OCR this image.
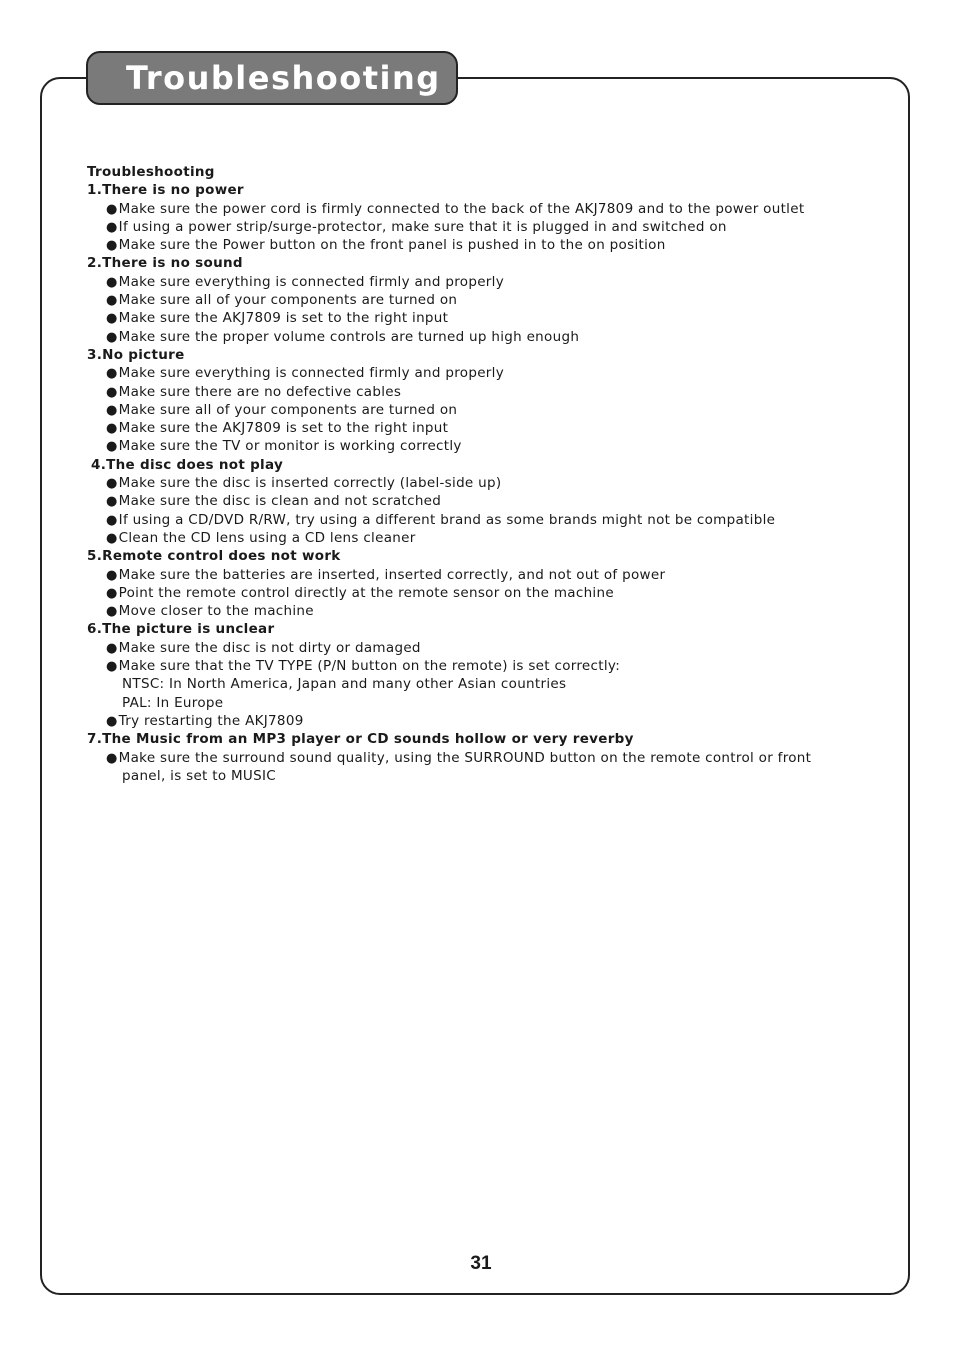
Troubleshooting
Troubleshooting
1.There is no power
●Make sure the power cord is firmly connected to the back of the AKJ7809 and to the power outlet
●If using a power strip/surge-protector, make sure that it is plugged in and switched on
●Make sure the Power button on the front panel is pushed in to the on position
2.There is no sound
●Make sure everything is connected firmly and properly
●Make sure all of your components are turned on
●Make sure the AKJ7809 is set to the right input
●Make sure the proper volume controls are turned up high enough
3.No picture
●Make sure everything is connected firmly and properly
●Make sure there are no defective cables
●Make sure all of your components are turned on
●Make sure the AKJ7809 is set to the right input
●Make sure the TV or monitor is working correctly
4.The disc does not play
●Make sure the disc is inserted correctly (label-side up)
●Make sure the disc is clean and not scratched
●If using a CD/DVD R/RW, try using a different brand as some brands might not be compatible
●Clean the CD lens using a CD lens cleaner
5.Remote control does not work
●Make sure the batteries are inserted, inserted correctly, and not out of power
●Point the remote control directly at the remote sensor on the machine
●Move closer to the machine
6.The picture is unclear
●Make sure the disc is not dirty or damaged
●Make sure that the TV TYPE (P/N button on the remote) is set correctly:
NTSC: In North America, Japan and many other Asian countries
PAL: In Europe
●Try restarting the AKJ7809
7.The Music from an MP3 player or CD sounds hollow or very reverby
●Make sure the surround sound quality, using the SURROUND button on the remote control or front
panel, is set to MUSIC
31
